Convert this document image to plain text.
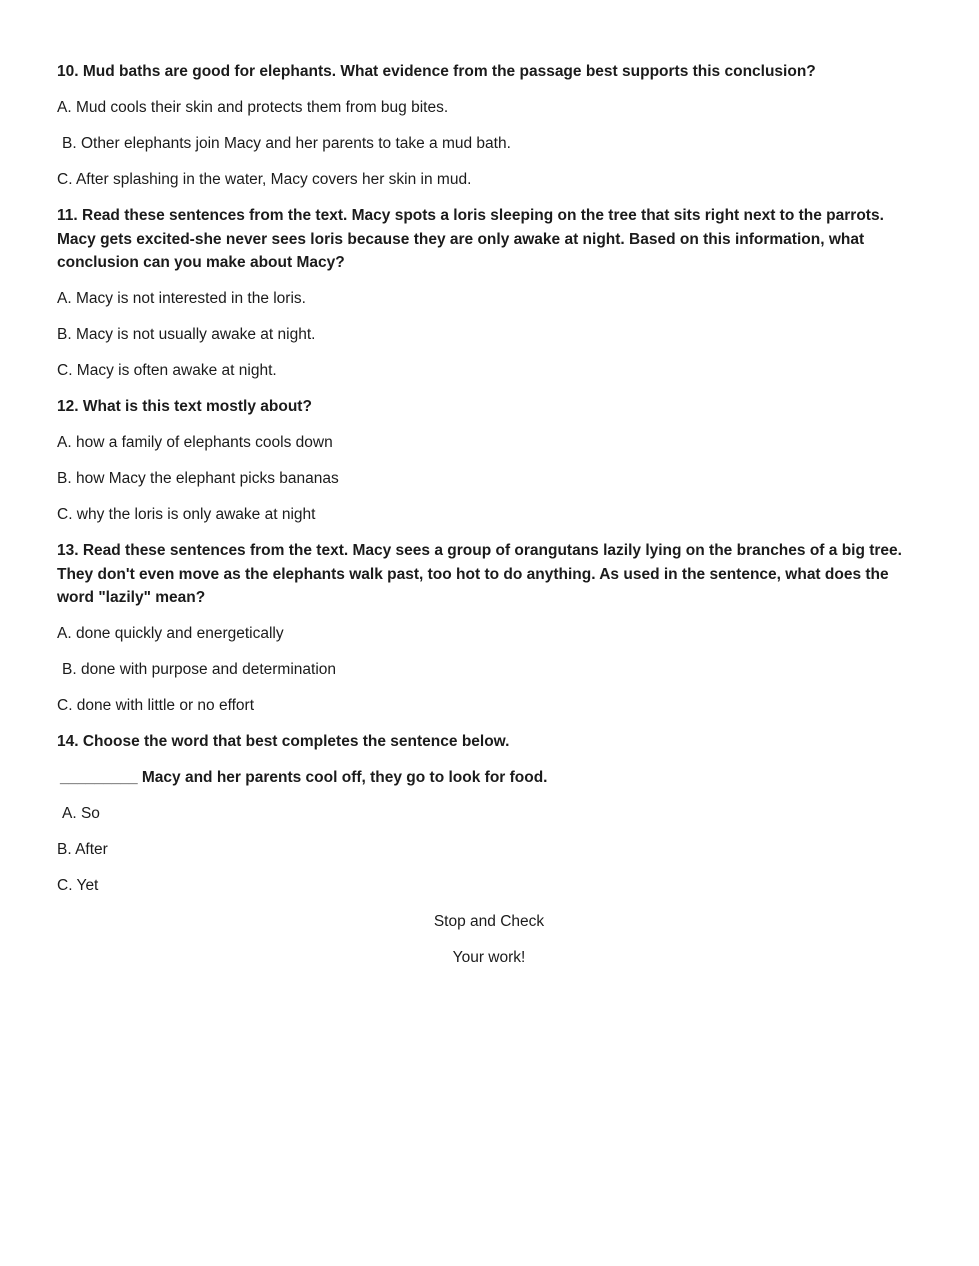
10. Mud baths are good for elephants. What evidence from the passage best supports this conclusion?

A. Mud cools their skin and protects them from bug bites.

B. Other elephants join Macy and her parents to take a mud bath.

C. After splashing in the water, Macy covers her skin in mud.

11. Read these sentences from the text. Macy spots a loris sleeping on the tree that sits right next to the parrots. Macy gets excited-she never sees loris because they are only awake at night. Based on this information, what conclusion can you make about Macy?

A. Macy is not interested in the loris.

B. Macy is not usually awake at night.

C. Macy is often awake at night.

12. What is this text mostly about?

A. how a family of elephants cools down

B. how Macy the elephant picks bananas

C. why the loris is only awake at night

13. Read these sentences from the text. Macy sees a group of orangutans lazily lying on the branches of a big tree. They don't even move as the elephants walk past, too hot to do anything. As used in the sentence, what does the word "lazily" mean?

A. done quickly and energetically

B. done with purpose and determination

C. done with little or no effort

14. Choose the word that best completes the sentence below.

_________ Macy and her parents cool off, they go to look for food.

A. So

B. After

C. Yet

Stop and Check

Your work!
